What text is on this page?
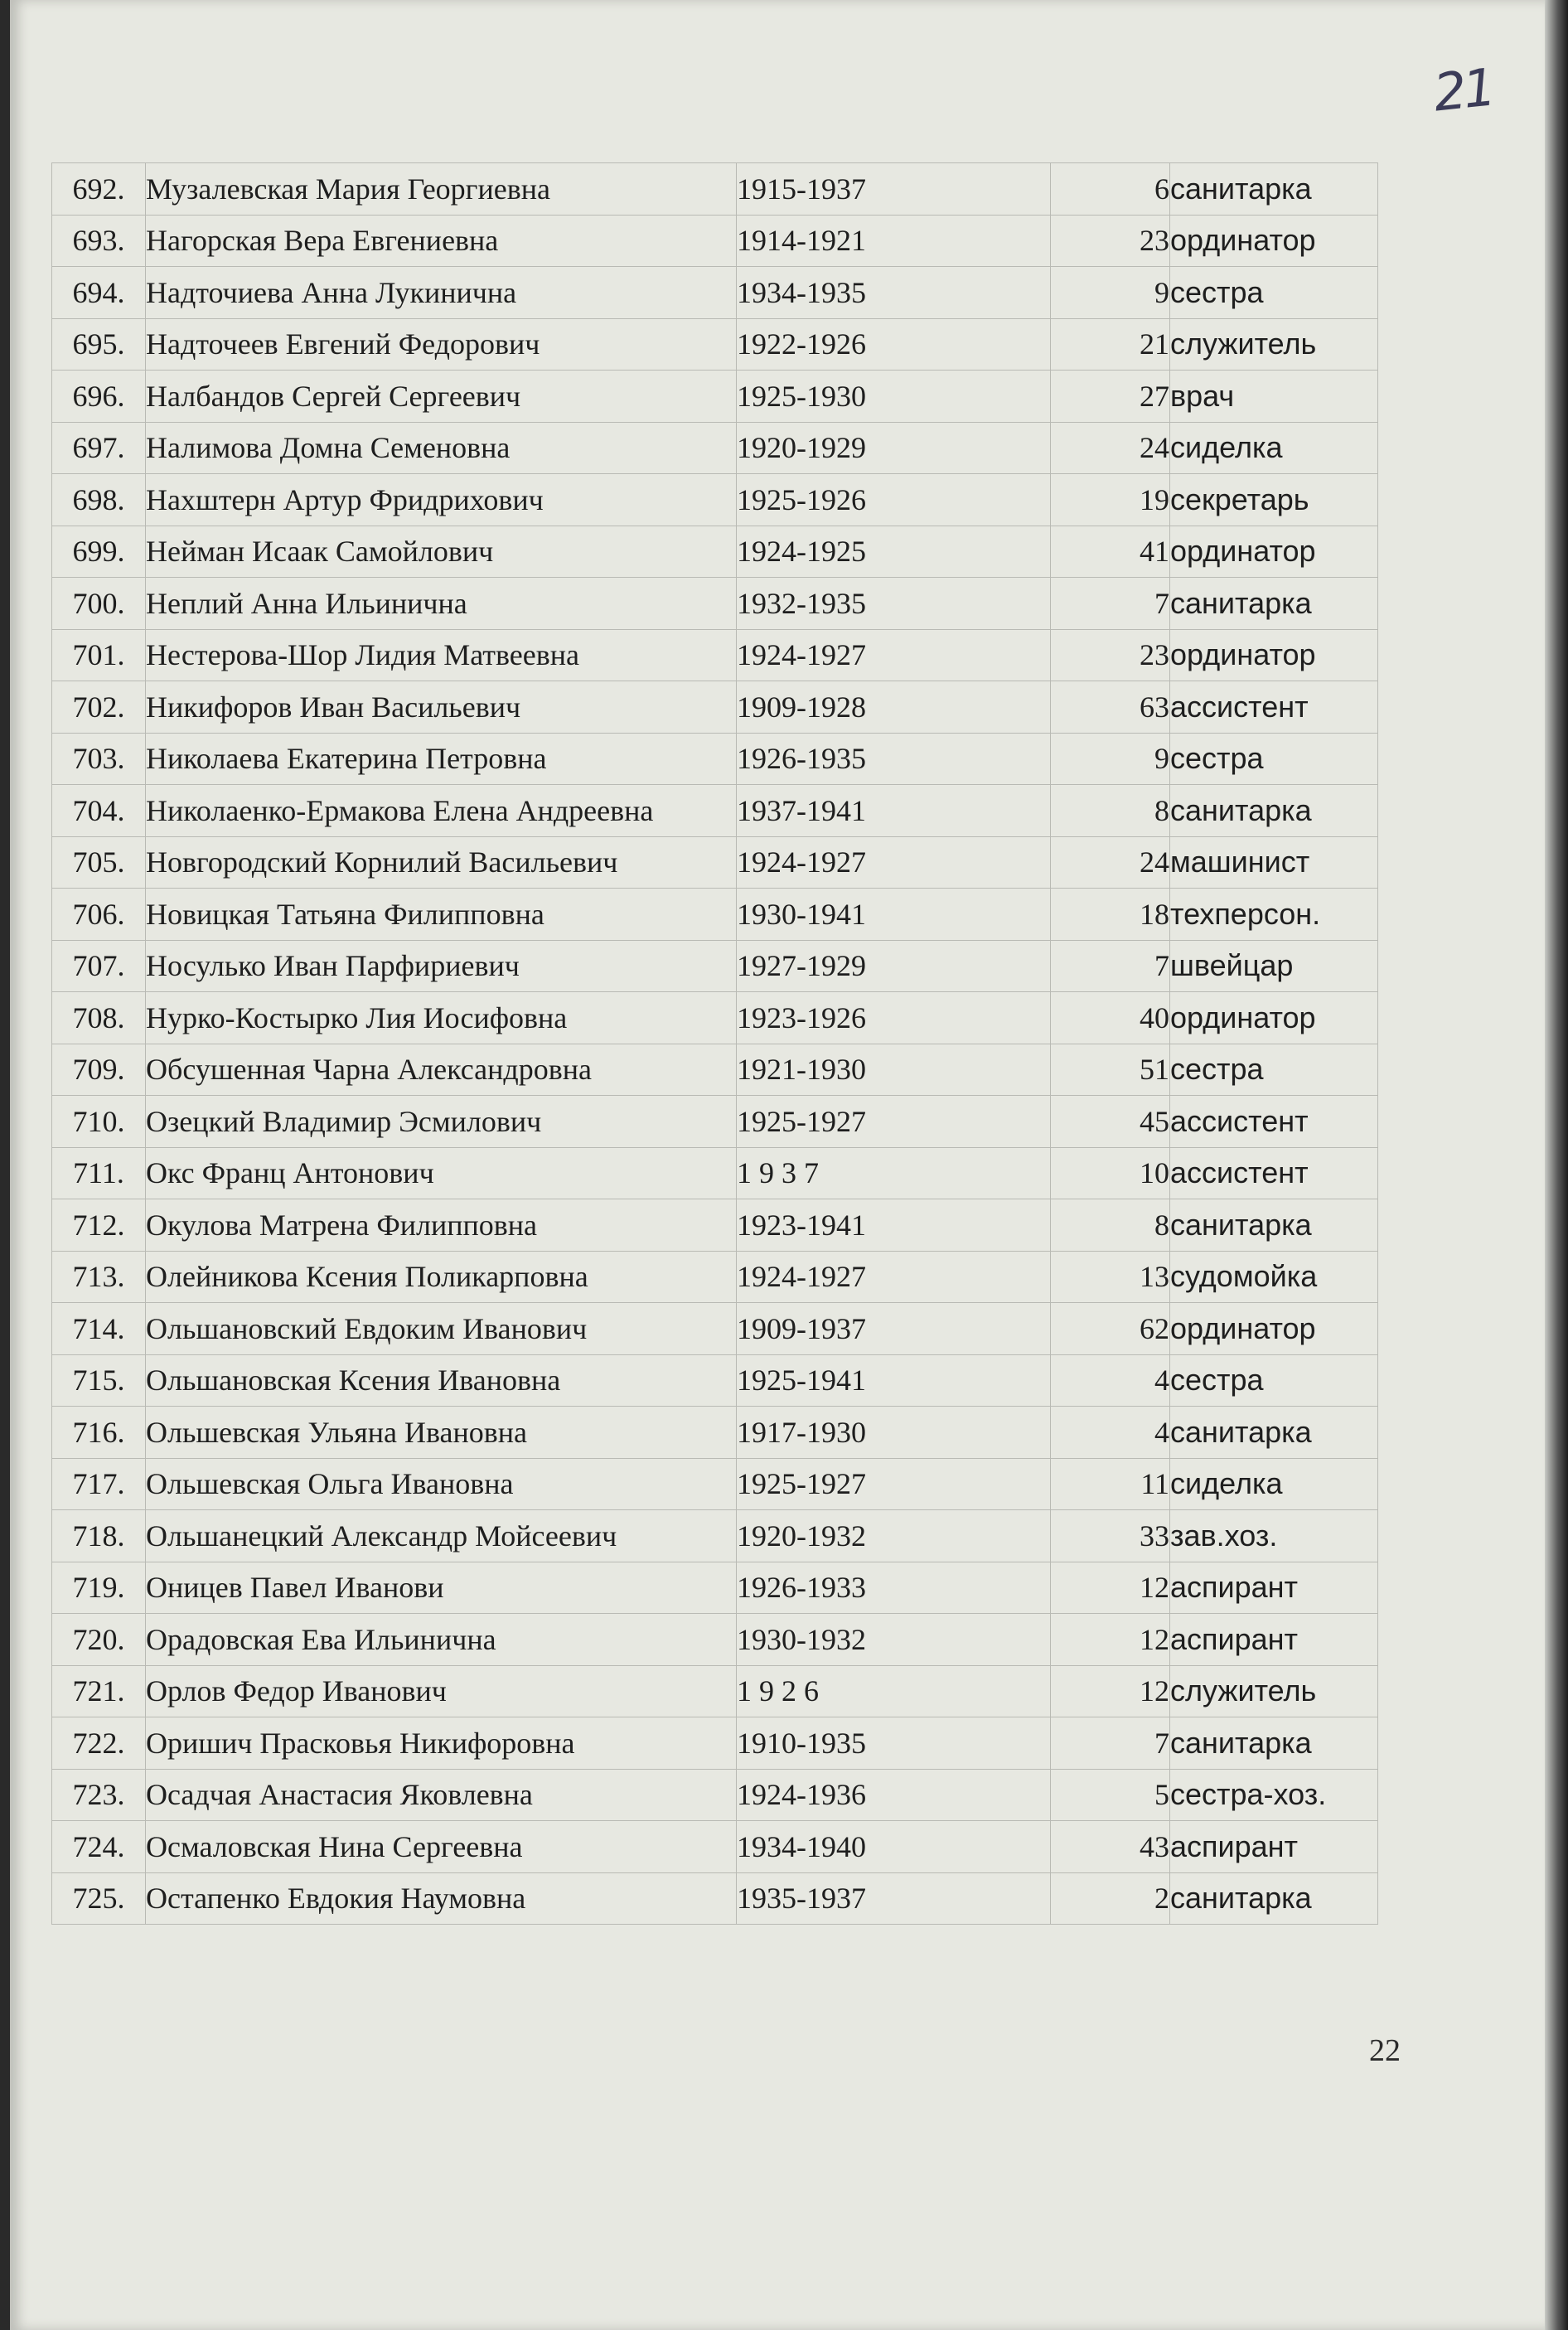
21
692.	Музалевская Мария Георгиевна	1915-1937	6	санитарка
693.	Нагорская Вера Евгениевна	1914-1921	23	ординатор
694.	Надточиева Анна Лукинична	1934-1935	9	сестра
695.	Надточеев Евгений Федорович	1922-1926	21	служитель
696.	Налбандов Сергей Сергеевич	1925-1930	27	врач
697.	Налимова Домна Семеновна	1920-1929	24	сиделка
698.	Нахштерн Артур Фридрихович	1925-1926	19	секретарь
699.	Нейман Исаак Самойлович	1924-1925	41	ординатор
700.	Неплий Анна Ильинична	1932-1935	7	санитарка
701.	Нестерова-Шор Лидия Матвеевна	1924-1927	23	ординатор
702.	Никифоров Иван Васильевич	1909-1928	63	ассистент
703.	Николаева Екатерина Петровна	1926-1935	9	сестра
704.	Николаенко-Ермакова Елена Андреевна	1937-1941	8	санитарка
705.	Новгородский Корнилий Васильевич	1924-1927	24	машинист
706.	Новицкая Татьяна Филипповна	1930-1941	18	техперсон.
707.	Носулько Иван Парфириевич	1927-1929	7	швейцар
708.	Нурко-Костырко Лия Иосифовна	1923-1926	40	ординатор
709.	Обсушенная Чарна Александровна	1921-1930	51	сестра
710.	Озецкий Владимир Эсмилович	1925-1927	45	ассистент
711.	Окс Франц Антонович	1 9 3 7	10	ассистент
712.	Окулова Матрена Филипповна	1923-1941	8	санитарка
713.	Олейникова Ксения Поликарповна	1924-1927	13	судомойка
714.	Ольшановский Евдоким Иванович	1909-1937	62	ординатор
715.	Ольшановская Ксения Ивановна	1925-1941	4	сестра
716.	Ольшевская Ульяна Ивановна	1917-1930	4	санитарка
717.	Ольшевская Ольга Ивановна	1925-1927	11	сиделка
718.	Ольшанецкий Александр Мойсеевич	1920-1932	33	зав.хоз.
719.	Оницев Павел Иванови	1926-1933	12	аспирант
720.	Орадовская Ева Ильинична	1930-1932	12	аспирант
721.	Орлов Федор Иванович	1 9 2 6	12	служитель
722.	Оришич Прасковья Никифоровна	1910-1935	7	санитарка
723.	Осадчая Анастасия Яковлевна	1924-1936	5	сестра-хоз.
724.	Осмаловская Нина Сергеевна	1934-1940	43	аспирант
725.	Остапенко Евдокия Наумовна	1935-1937	2	санитарка
22
